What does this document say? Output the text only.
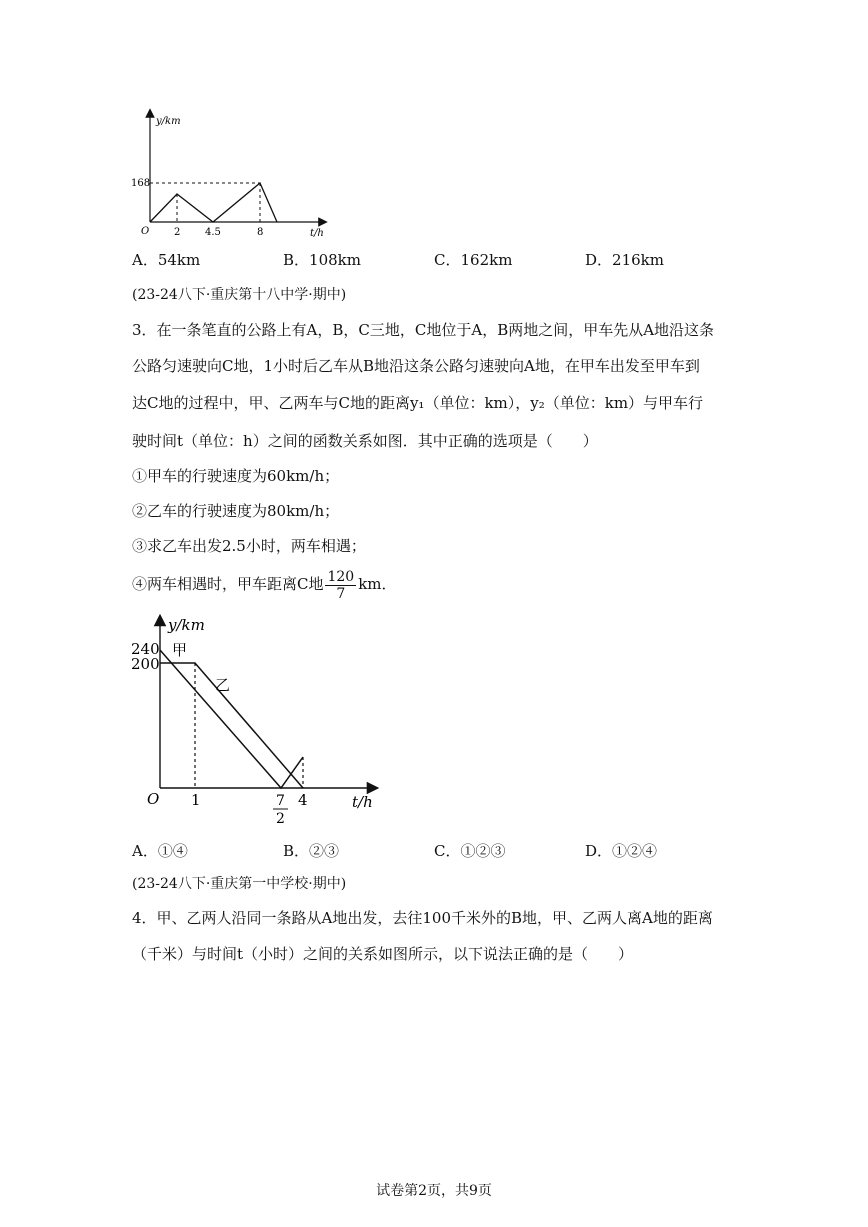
y/km
t/h
O
168
2 4.5	8
A．54km	B．108km	C．162km	D．216km
(23-24八下·重庆第十八中学·期中)
3．在一条笔直的公路上有A，B，C三地，C地位于A，B两地之间，甲车先从A地沿这条
公路匀速驶向C地，1小时后乙车从B地沿这条公路匀速驶向A地，在甲车出发至甲车到
达C地的过程中，甲、乙两车与C地的距离y₁（单位：km），y₂（单位：km）与甲车行
驶时间t（单位：h）之间的函数关系如图．其中正确的选项是（　　）
①甲车的行驶速度为60km/h；
②乙车的行驶速度为80km/h；
③求乙车出发2.5小时，两车相遇；
④两车相遇时，甲车距离C地 $\frac{120}{7}$ km．
y/km
t/h
O
240
200
甲
乙
1	7
2
4
A．①④	B．②③	C．①②③	D．①②④
(23-24八下·重庆第一中学校·期中)
4．甲、乙两人沿同一条路从A地出发，去往100千米外的B地，甲、乙两人离A地的距离
（千米）与时间t（小时）之间的关系如图所示，以下说法正确的是（　　）
试卷第2页，共9页
